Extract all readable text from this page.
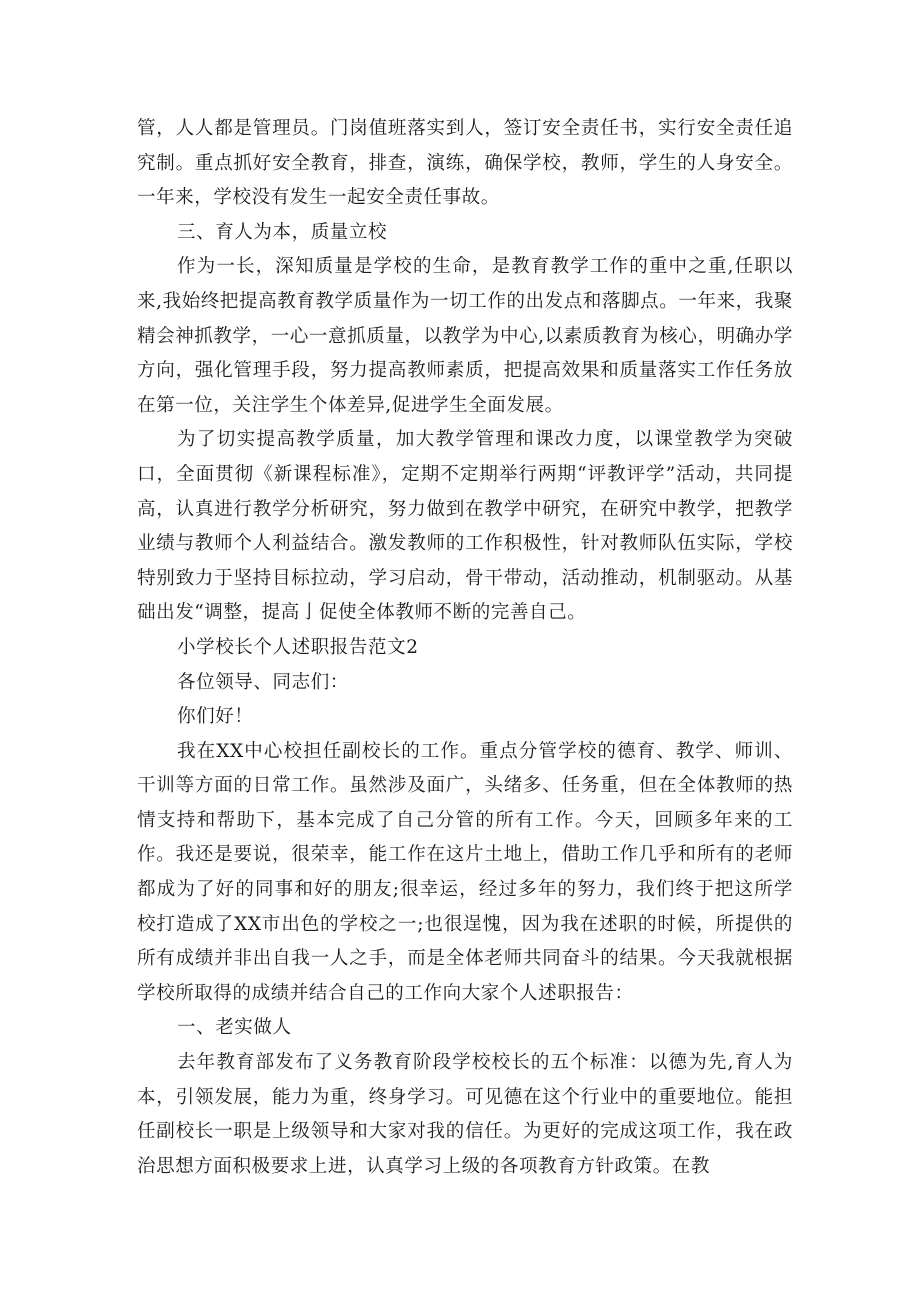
管，人人都是管理员。门岗值班落实到人，签订安全责任书，实行安全责任追究制。重点抓好安全教育，排查，演练，确保学校，教师，学生的人身安全。一年来，学校没有发生一起安全责任事故。

三、育人为本，质量立校

作为一长，深知质量是学校的生命，是教育教学工作的重中之重,任职以来,我始终把提高教育教学质量作为一切工作的出发点和落脚点。一年来，我聚精会神抓教学，一心一意抓质量，以教学为中心,以素质教育为核心，明确办学方向，强化管理手段，努力提高教师素质，把提高效果和质量落实工作任务放在第一位，关注学生个体差异,促进学生全面发展。

为了切实提高教学质量，加大教学管理和课改力度，以课堂教学为突破口，全面贯彻《新课程标准》，定期不定期举行两期“评教评学”活动，共同提高，认真进行教学分析研究，努力做到在教学中研究，在研究中教学，把教学业绩与教师个人利益结合。激发教师的工作积极性，针对教师队伍实际，学校特别致力于坚持目标拉动，学习启动，骨干带动，活动推动，机制驱动。从基础出发“调整，提高亅促使全体教师不断的完善自己。

小学校长个人述职报告范文2

各位领导、同志们：

你们好！

我在XX中心校担任副校长的工作。重点分管学校的德育、教学、师训、干训等方面的日常工作。虽然涉及面广，头绪多、任务重，但在全体教师的热情支持和帮助下，基本完成了自己分管的所有工作。今天，回顾多年来的工作。我还是要说，很荣幸，能工作在这片土地上，借助工作几乎和所有的老师都成为了好的同事和好的朋友;很幸运，经过多年的努力，我们终于把这所学校打造成了XX市出色的学校之一;也很逞愧，因为我在述职的时候，所提供的所有成绩并非出自我一人之手，而是全体老师共同奋斗的结果。今天我就根据学校所取得的成绩并结合自己的工作向大家个人述职报告：

一、老实做人

去年教育部发布了义务教育阶段学校校长的五个标准：以德为先,育人为本，引领发展，能力为重，终身学习。可见德在这个行业中的重要地位。能担任副校长一职是上级领导和大家对我的信任。为更好的完成这项工作，我在政治思想方面积极要求上进，认真学习上级的各项教育方针政策。在教
